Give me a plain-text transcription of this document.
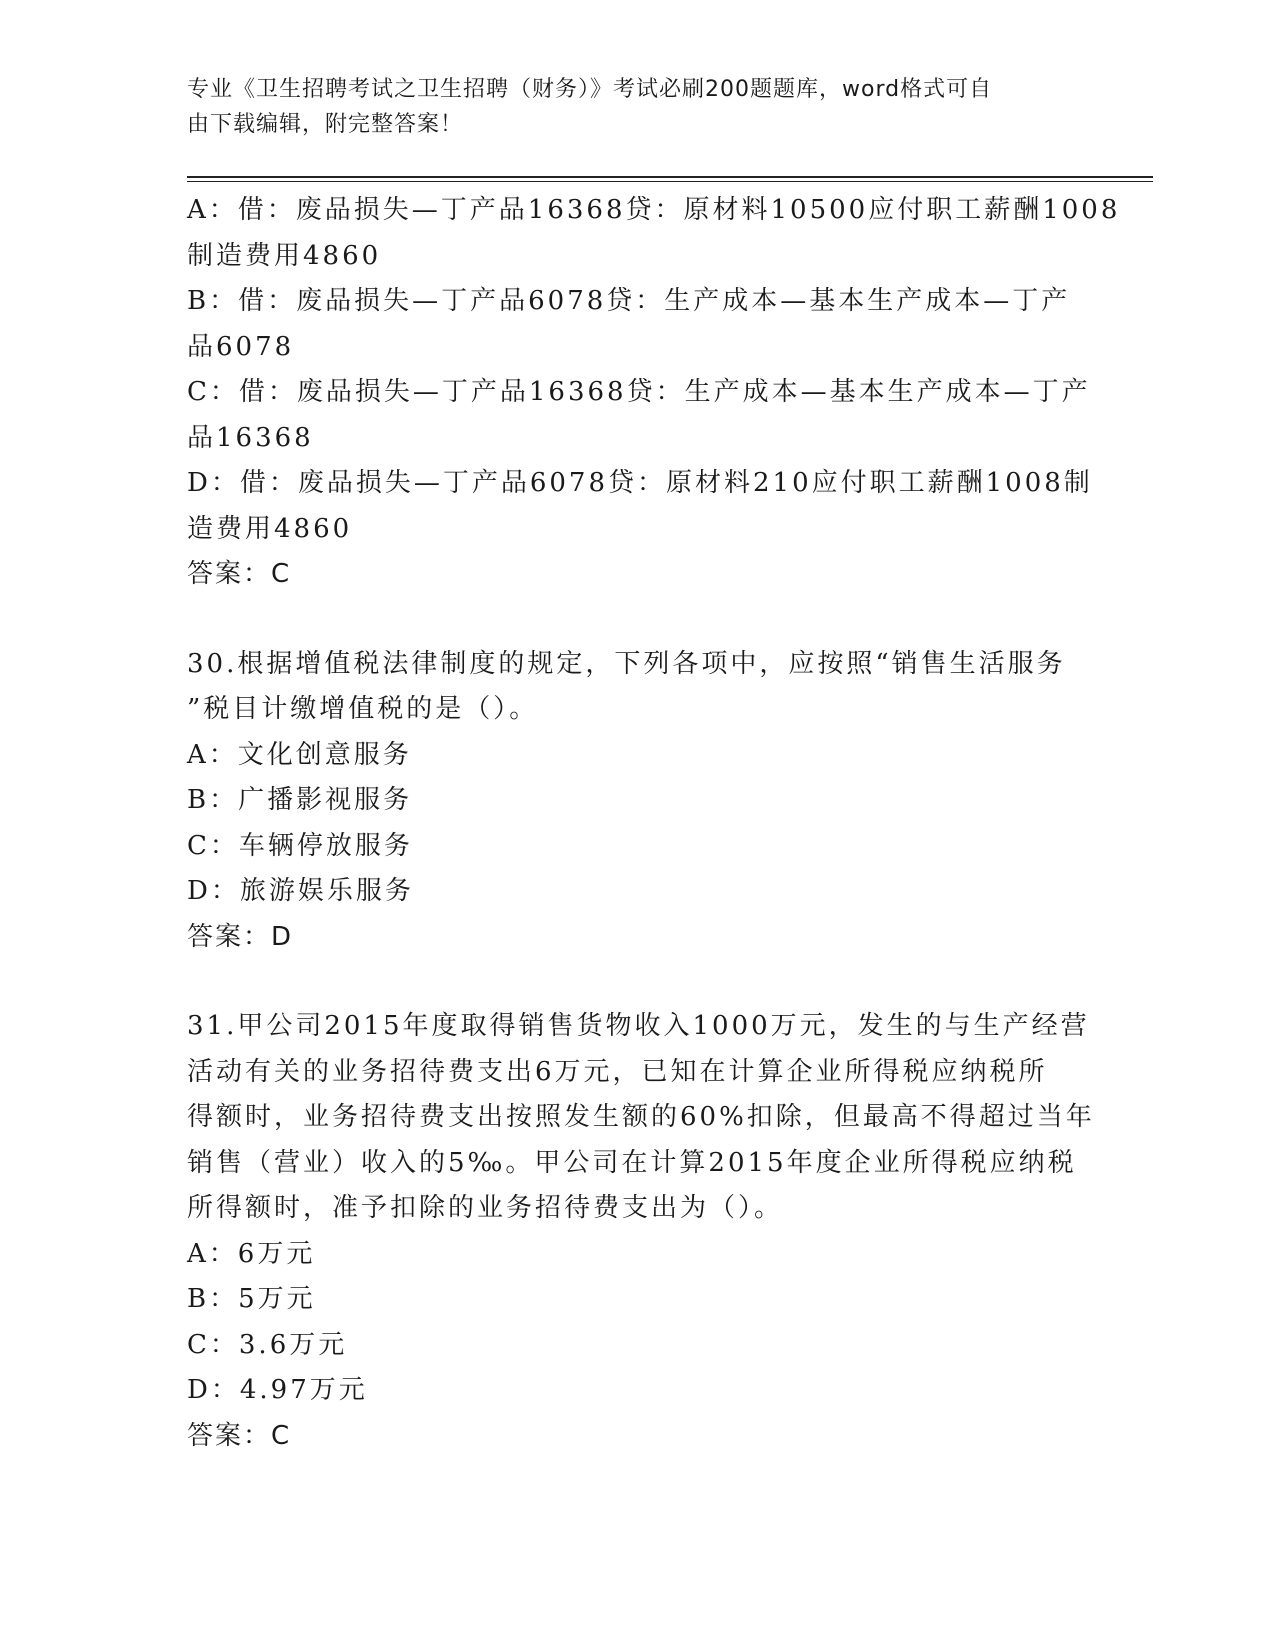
专业《卫生招聘考试之卫生招聘（财务）》考试必刷200题题库，word格式可自
由下载编辑，附完整答案！
A：借：废品损失—丁产品16368贷：原材料10500应付职工薪酬1008
制造费用4860
B：借：废品损失—丁产品6078贷：生产成本—基本生产成本—丁产
品6078
C：借：废品损失—丁产品16368贷：生产成本—基本生产成本—丁产
品16368
D：借：废品损失—丁产品6078贷：原材料210应付职工薪酬1008制
造费用4860
答案：C
30.根据增值税法律制度的规定，下列各项中，应按照“销售生活服务
”税目计缴增值税的是（）。
A：文化创意服务
B：广播影视服务
C：车辆停放服务
D：旅游娱乐服务
答案：D
31.甲公司2015年度取得销售货物收入1000万元，发生的与生产经营
活动有关的业务招待费支出6万元，已知在计算企业所得税应纳税所
得额时，业务招待费支出按照发生额的60%扣除，但最高不得超过当年
销售（营业）收入的5‰。甲公司在计算2015年度企业所得税应纳税
所得额时，准予扣除的业务招待费支出为（）。
A：6万元
B：5万元
C：3.6万元
D：4.97万元
答案：C
